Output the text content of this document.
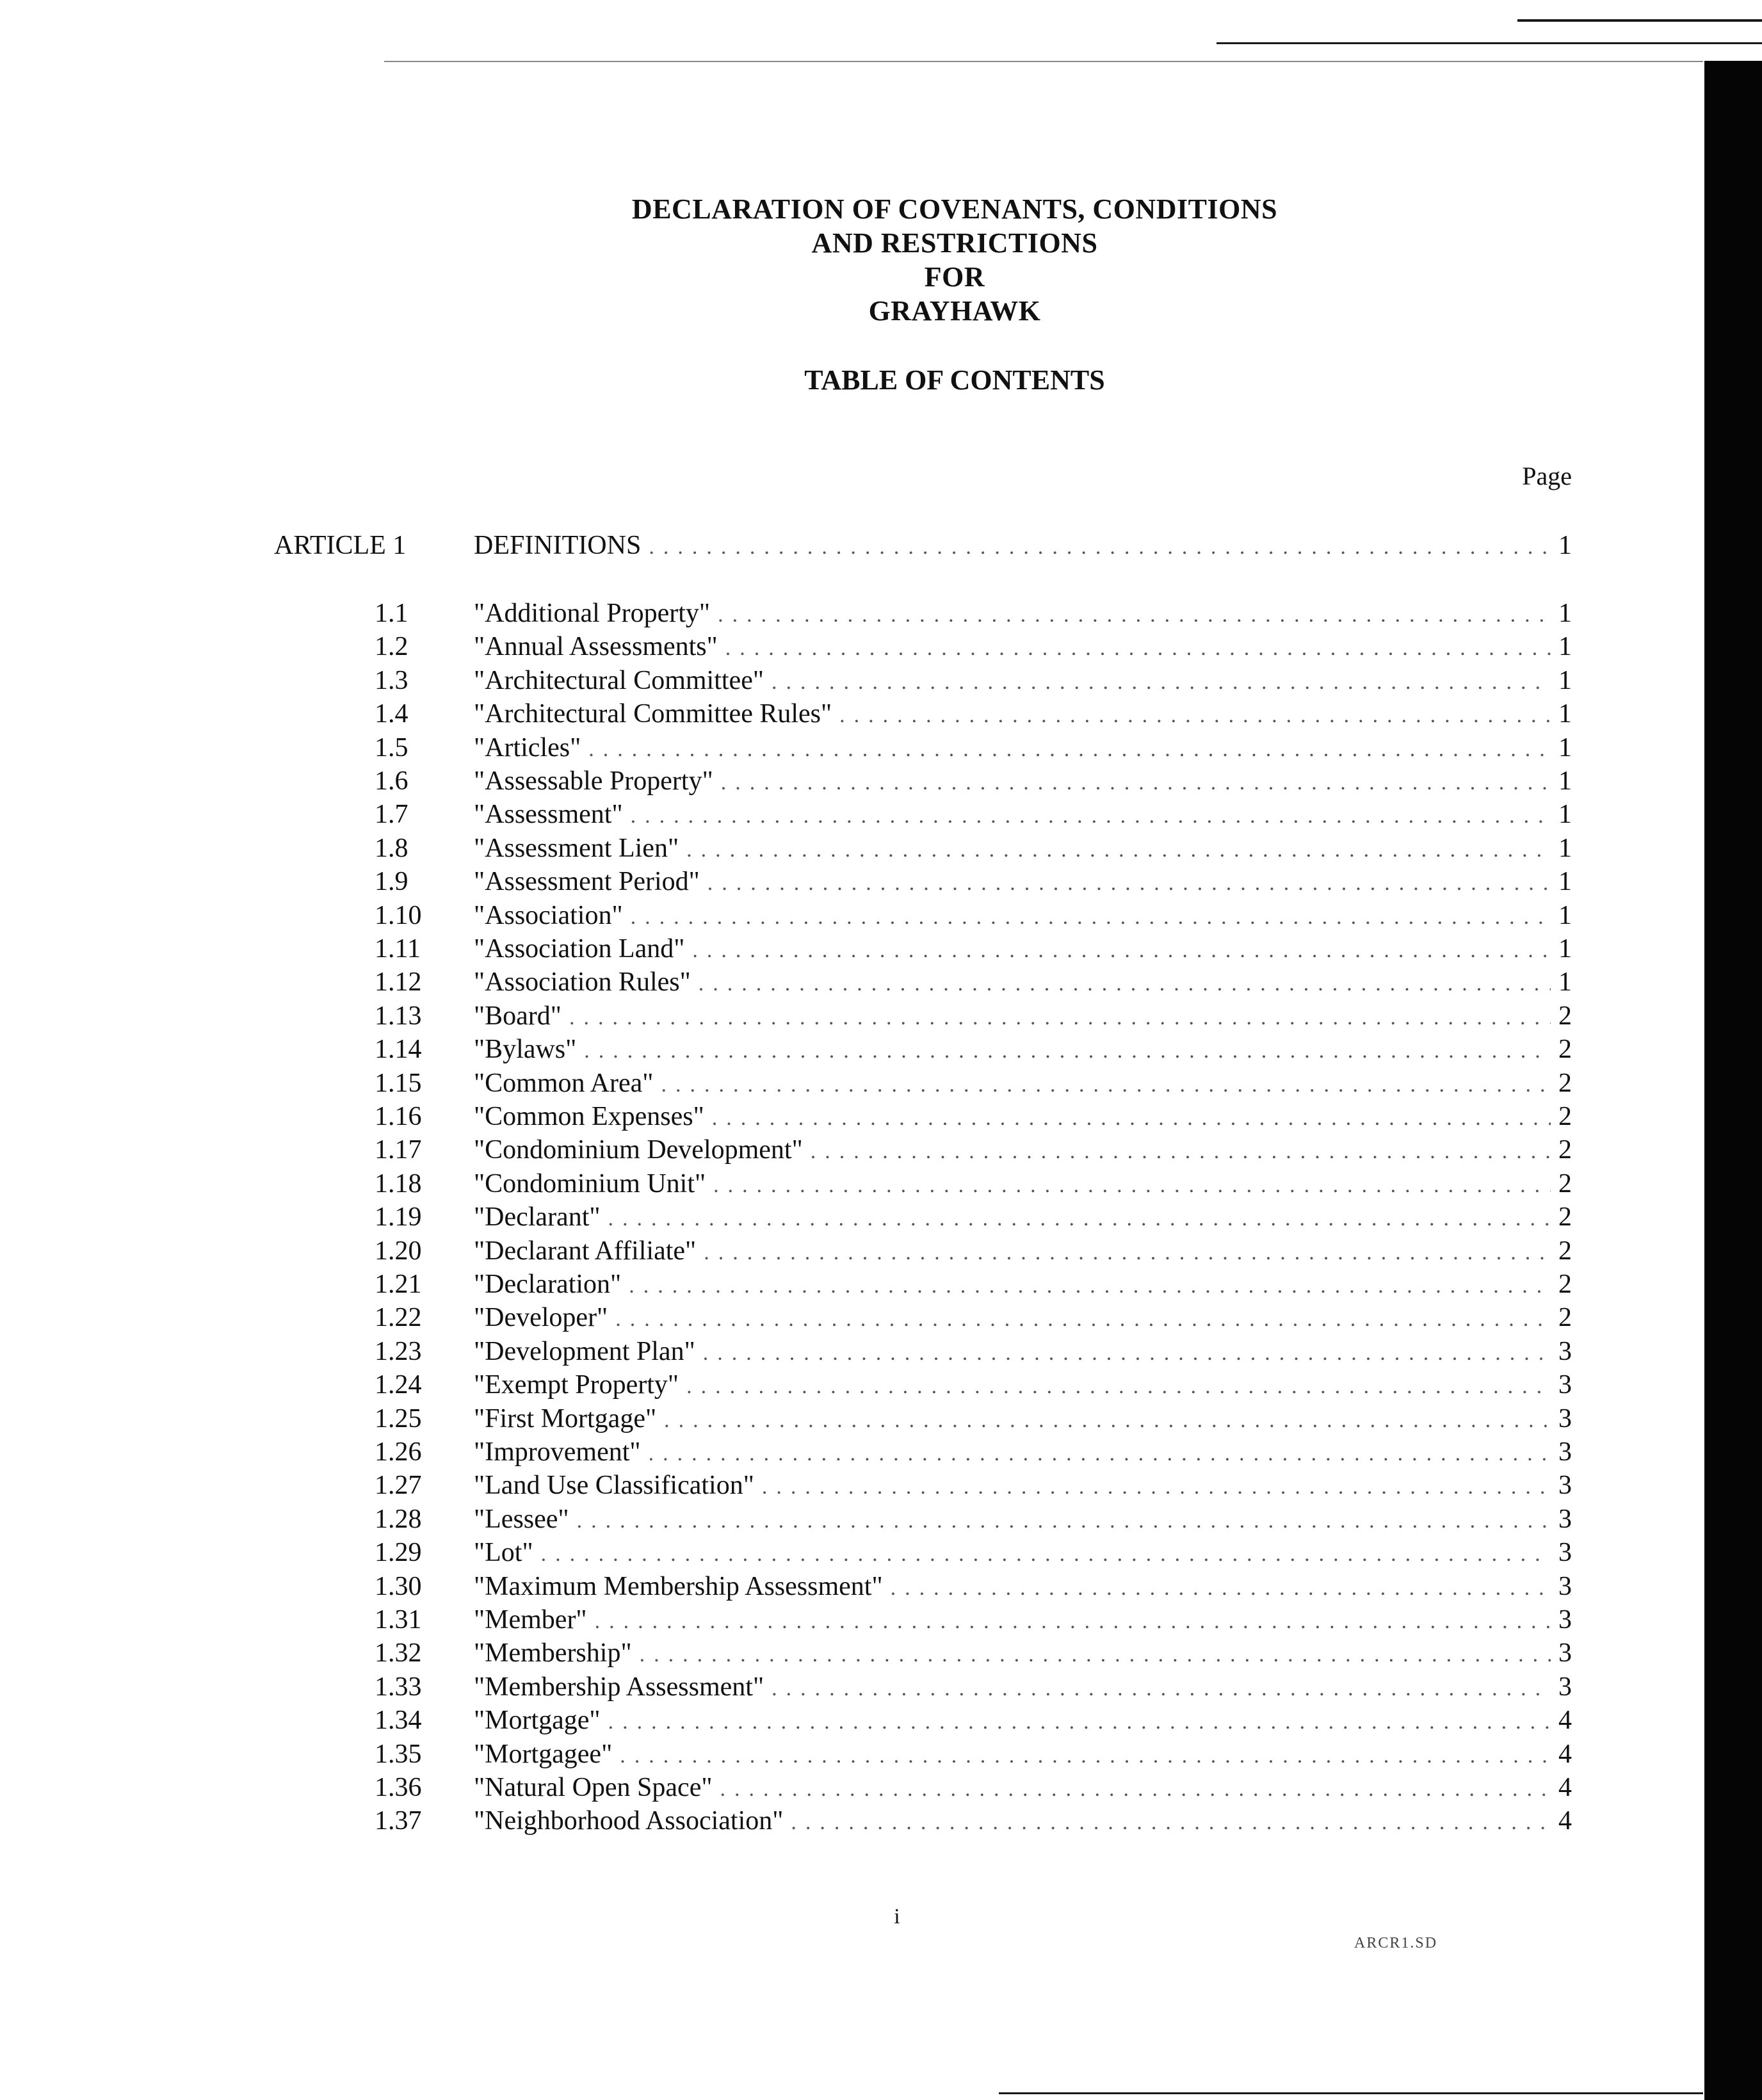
DECLARATION OF COVENANTS, CONDITIONS
AND RESTRICTIONS
FOR
GRAYHAWK
TABLE OF CONTENTS
Page
ARTICLE 1	DEFINITIONS .....	1
1.1 "Additional Property" .....	1
1.2 "Annual Assessments" .....	1
1.3 "Architectural Committee" .....	1
1.4 "Architectural Committee Rules" .....	1
1.5 "Articles" .....	1
1.6 "Assessable Property" .....	1
1.7 "Assessment" .....	1
1.8 "Assessment Lien" .....	1
1.9 "Assessment Period" .....	1
1.10 "Association" .....	1
1.11 "Association Land" .....	1
1.12 "Association Rules" .....	1
1.13 "Board" .....	2
1.14 "Bylaws" .....	2
1.15 "Common Area" .....	2
1.16 "Common Expenses" .....	2
1.17 "Condominium Development" .....	2
1.18 "Condominium Unit" .....	2
1.19 "Declarant" .....	2
1.20 "Declarant Affiliate" .....	2
1.21 "Declaration" .....	2
1.22 "Developer" .....	2
1.23 "Development Plan" .....	3
1.24 "Exempt Property" .....	3
1.25 "First Mortgage" .....	3
1.26 "Improvement" .....	3
1.27 "Land Use Classification" .....	3
1.28 "Lessee" .....	3
1.29 "Lot" .....	3
1.30 "Maximum Membership Assessment" .....	3
1.31 "Member" .....	3
1.32 "Membership" .....	3
1.33 "Membership Assessment" .....	3
1.34 "Mortgage" .....	4
1.35 "Mortgagee" .....	4
1.36 "Natural Open Space" .....	4
1.37 "Neighborhood Association" .....	4
i
ARCR1.SD
